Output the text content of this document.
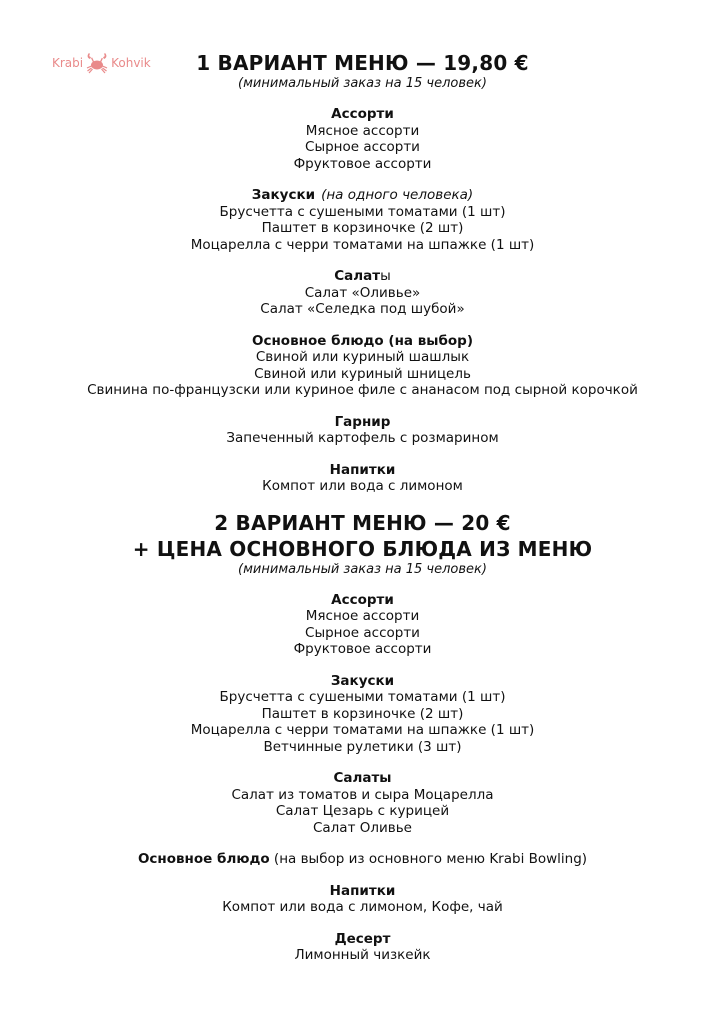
Krabi Kohvik	1 ВАРИАНТ МЕНЮ — 19,80 €
(минимальный заказ на 15 человек)
Ассорти
Мясное ассорти
Сырное ассорти
Фруктовое ассорти
Закуски (на одного человека)
Брусчетта с сушеными томатами (1 шт)
Паштет в корзиночке (2 шт)
Моцарелла с черри томатами на шпажке (1 шт)
Салаты
Салат «Оливье»
Салат «Селедка под шубой»
Основное блюдо (на выбор)
Свиной или куриный шашлык
Свиной или куриный шницель
Свинина по-французски или куриное филе с ананасом под сырной корочкой
Гарнир
Запеченный картофель с розмарином
Напитки
Компот или вода с лимоном
2 ВАРИАНТ МЕНЮ — 20 €
+ ЦЕНА ОСНОВНОГО БЛЮДА ИЗ МЕНЮ
(минимальный заказ на 15 человек)
Ассорти
Мясное ассорти
Сырное ассорти
Фруктовое ассорти
Закуски
Брусчетта с сушеными томатами (1 шт)
Паштет в корзиночке (2 шт)
Моцарелла с черри томатами на шпажке (1 шт)
Ветчинные рулетики (3 шт)
Салаты
Салат из томатов и сыра Моцарелла
Салат Цезарь с курицей
Салат Оливье
Основное блюдо (на выбор из основного меню Krabi Bowling)
Напитки
Компот или вода с лимоном, Кофе, чай
Десерт
Лимонный чизкейк
